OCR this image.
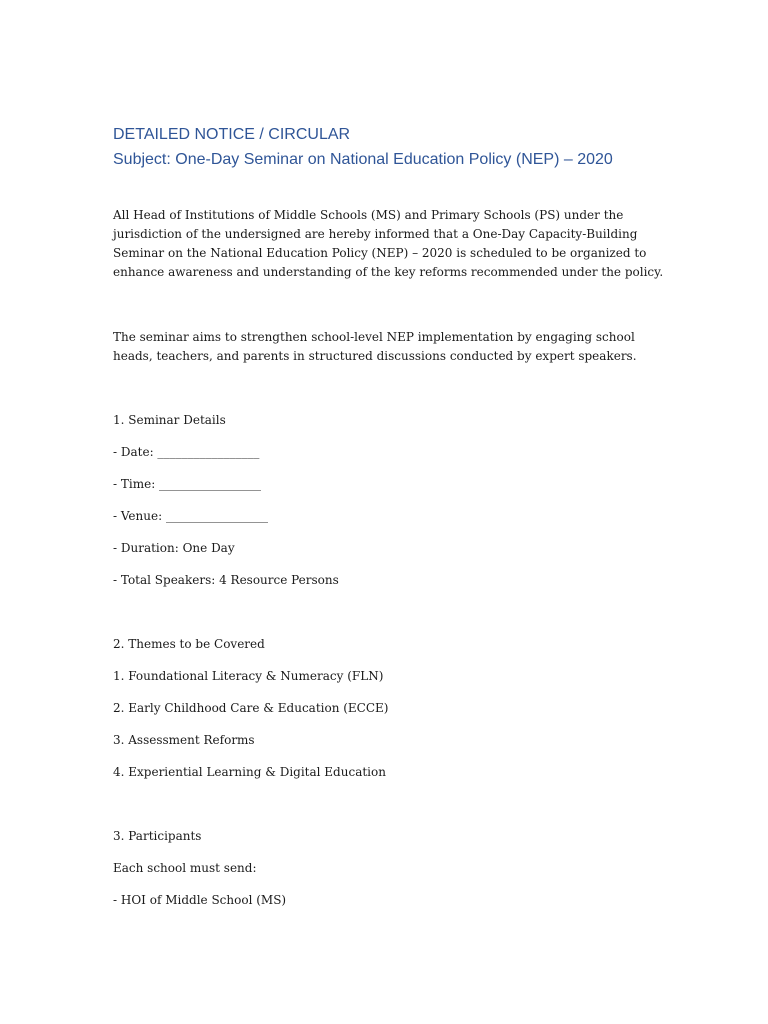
DETAILED NOTICE / CIRCULAR
Subject: One-Day Seminar on National Education Policy (NEP) – 2020
All Head of Institutions of Middle Schools (MS) and Primary Schools (PS) under the jurisdiction of the undersigned are hereby informed that a One-Day Capacity-Building Seminar on the National Education Policy (NEP) – 2020 is scheduled to be organized to enhance awareness and understanding of the key reforms recommended under the policy.
The seminar aims to strengthen school-level NEP implementation by engaging school heads, teachers, and parents in structured discussions conducted by expert speakers.
1. Seminar Details
- Date: _________________
- Time: _________________
- Venue: _________________
- Duration: One Day
- Total Speakers: 4 Resource Persons
2. Themes to be Covered
1. Foundational Literacy & Numeracy (FLN)
2. Early Childhood Care & Education (ECCE)
3. Assessment Reforms
4. Experiential Learning & Digital Education
3. Participants
Each school must send:
- HOI of Middle School (MS)
